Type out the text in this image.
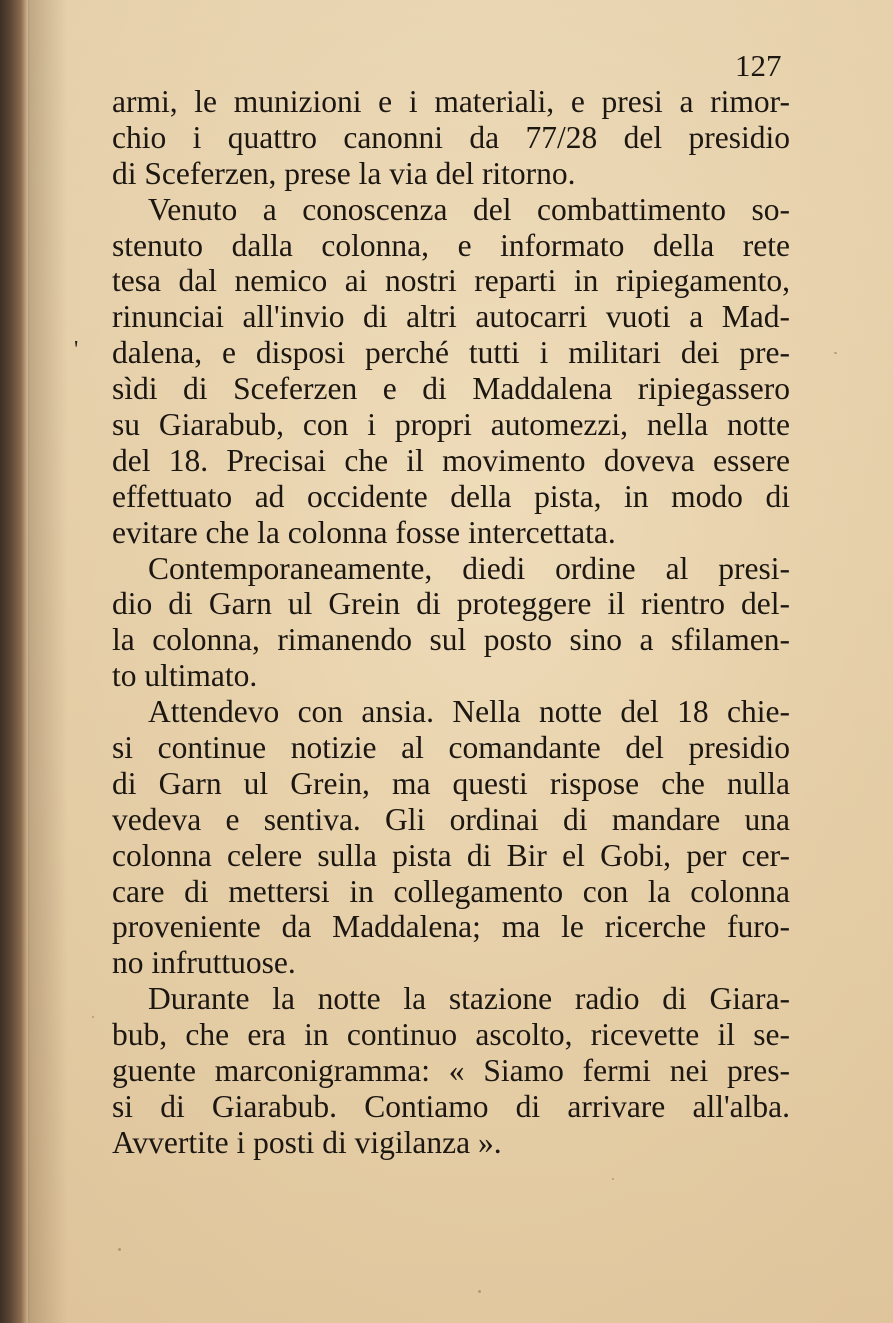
127
'

armi, le munizioni e i materiali, e presi a rimor-
chio i quattro canonni da 77/28 del presidio
di Sceferzen, prese la via del ritorno.

Venuto a conoscenza del combattimento so-
stenuto dalla colonna, e informato della rete
tesa dal nemico ai nostri reparti in ripiegamento,
rinunciai all'invio di altri autocarri vuoti a Mad-
dalena, e disposi perché tutti i militari dei pre-
sìdi di Sceferzen e di Maddalena ripiegassero
su Giarabub, con i propri automezzi, nella notte
del 18. Precisai che il movimento doveva essere
effettuato ad occidente della pista, in modo di
evitare che la colonna fosse intercettata.

Contemporaneamente, diedi ordine al presi-
dio di Garn ul Grein di proteggere il rientro del-
la colonna, rimanendo sul posto sino a sfilamen-
to ultimato.

Attendevo con ansia. Nella notte del 18 chie-
si continue notizie al comandante del presidio
di Garn ul Grein, ma questi rispose che nulla
vedeva e sentiva. Gli ordinai di mandare una
colonna celere sulla pista di Bir el Gobi, per cer-
care di mettersi in collegamento con la colonna
proveniente da Maddalena; ma le ricerche furo-
no infruttuose.

Durante la notte la stazione radio di Giara-
bub, che era in continuo ascolto, ricevette il se-
guente marconigramma: « Siamo fermi nei pres-
si di Giarabub. Contiamo di arrivare all'alba.
Avvertite i posti di vigilanza ».
